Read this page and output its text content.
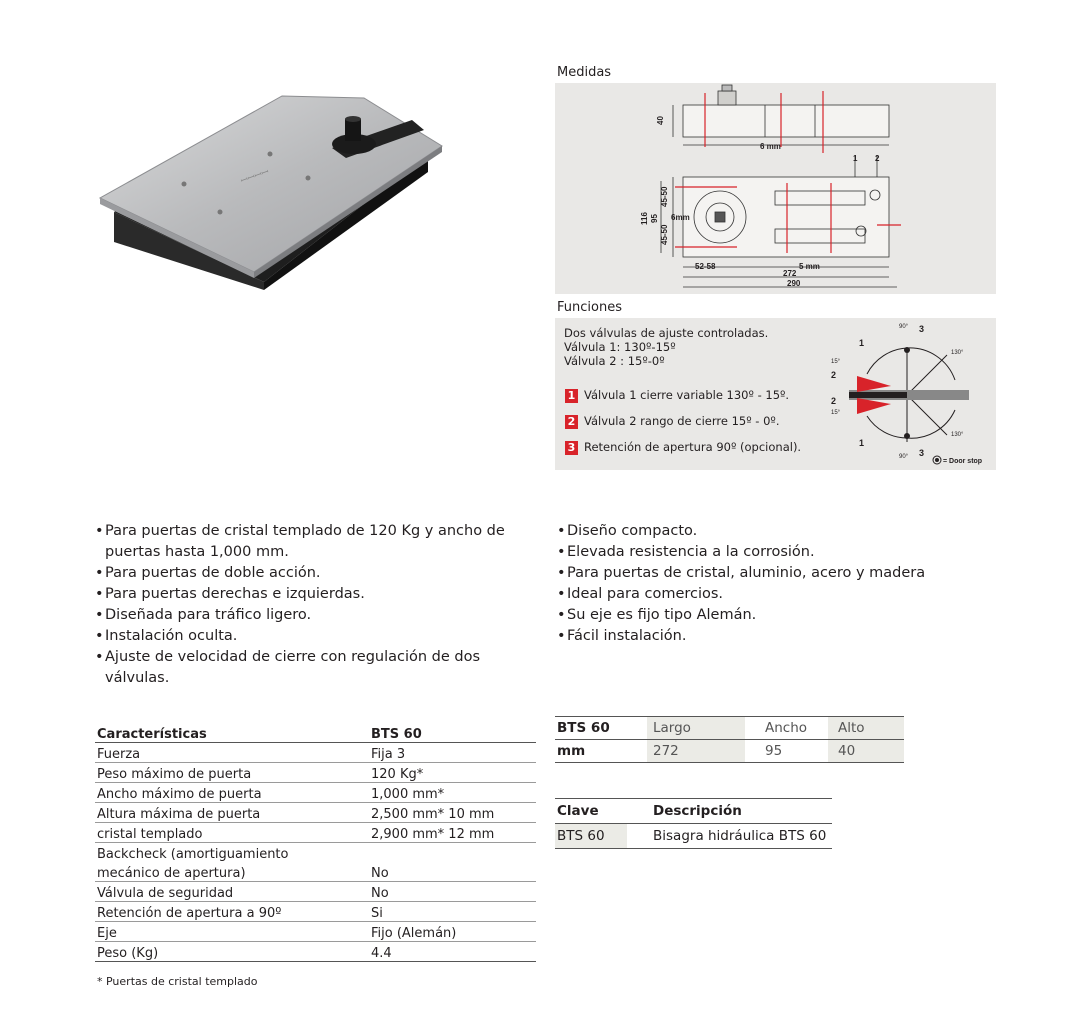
ꟷꟷꟷꟷ
Medidas
40
6 mm
116 95
45-50
45-50
6mm
5 mm
52-58
272
290
1 2
Funciones
Dos válvulas de ajuste controladas.
Válvula 1: 130º-15º
Válvula 2 : 15º-0º
1 Válvula 1 cierre variable 130º - 15º.
2 Válvula 2 rango de cierre 15º - 0º.
3 Retención de apertura 90º (opcional).
90° 3
130°
1
15°
2
2
15°
1
130°
90° 3
= Door stop
•Para puertas de cristal templado de 120 Kg y ancho de puertas hasta 1,000 mm.
•Para puertas de doble acción.
•Para puertas derechas e izquierdas.
•Diseñada para tráfico ligero.
•Instalación oculta.
•Ajuste de velocidad de cierre con regulación de dos válvulas.
•Diseño compacto.
•Elevada resistencia a la corrosión.
•Para puertas de cristal, aluminio, acero y madera
•Ideal para comercios.
•Su eje es fijo tipo Alemán.
•Fácil instalación.
Características	BTS 60
Fuerza	Fija 3
Peso máximo de puerta	120 Kg*
Ancho máximo de puerta	1,000 mm*
Altura máxima de puerta	2,500 mm* 10 mm
cristal templado	2,900 mm* 12 mm
Backcheck (amortiguamiento	
mecánico de apertura)	No
Válvula de seguridad	No
Retención de apertura a 90º	Si
Eje	Fijo (Alemán)
Peso (Kg)	4.4
* Puertas de cristal templado
BTS 60	Largo	Ancho	Alto
mm	272	95	40
Clave	Descripción
BTS 60	Bisagra hidráulica BTS 60
